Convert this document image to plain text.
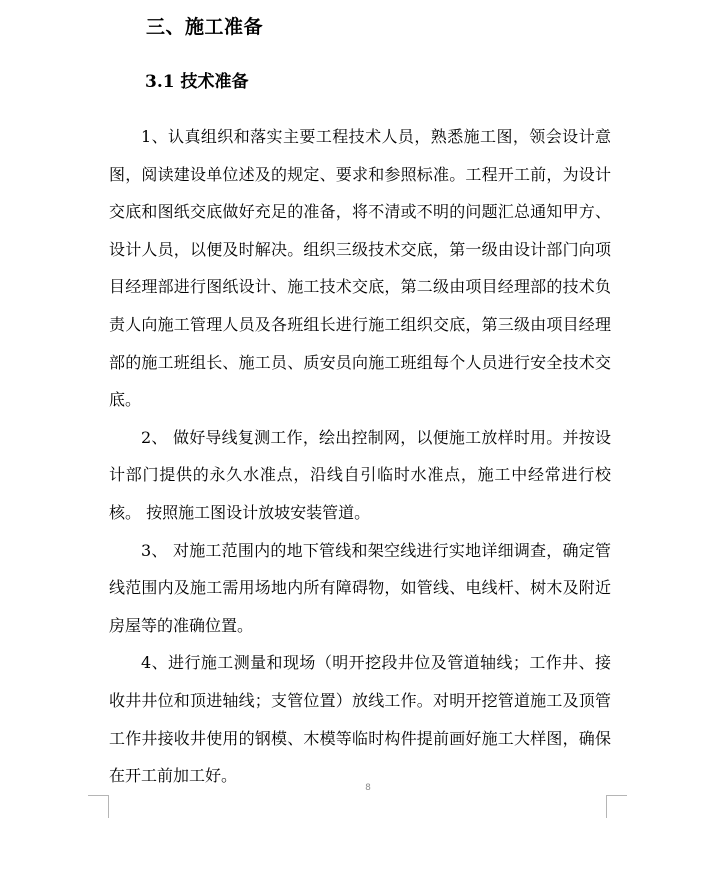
三、施工准备
3.1 技术准备

1、认真组织和落实主要工程技术人员，熟悉施工图，领会设计意图，阅读建设单位述及的规定、要求和参照标准。工程开工前，为设计交底和图纸交底做好充足的准备，将不清或不明的问题汇总通知甲方、设计人员，以便及时解决。组织三级技术交底，第一级由设计部门向项目经理部进行图纸设计、施工技术交底，第二级由项目经理部的技术负责人向施工管理人员及各班组长进行施工组织交底，第三级由项目经理部的施工班组长、施工员、质安员向施工班组每个人员进行安全技术交底。

2、 做好导线复测工作，绘出控制网，以便施工放样时用。并按设计部门提供的永久水准点，沿线自引临时水准点，施工中经常进行校核。 按照施工图设计放坡安装管道。

3、 对施工范围内的地下管线和架空线进行实地详细调查，确定管线范围内及施工需用场地内所有障碍物，如管线、电线杆、树木及附近房屋等的准确位置。

4、进行施工测量和现场（明开挖段井位及管道轴线；工作井、接收井井位和顶进轴线；支管位置）放线工作。对明开挖管道施工及顶管工作井接收井使用的钢模、木模等临时构件提前画好施工大样图，确保在开工前加工好。

8
